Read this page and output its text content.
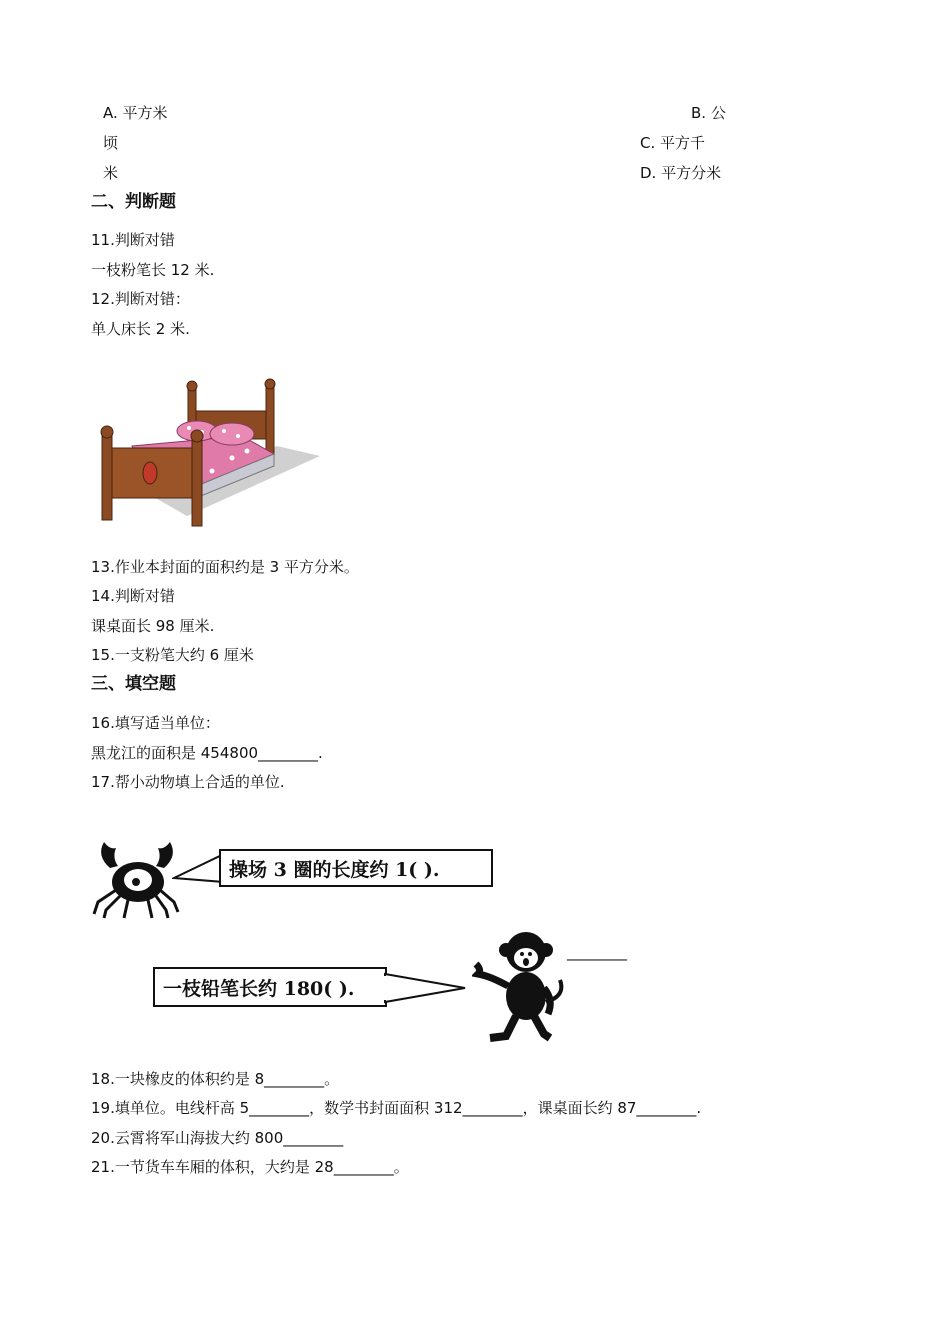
A. 平方米	B. 公
顷	C. 平方千
米	D. 平方分米
二、判断题
11.判断对错
一枝粉笔长 12 米.
12.判断对错：
单人床长 2 米.
13.作业本封面的面积约是 3 平方分米。
14.判断对错
课桌面长 98 厘米.
15.一支粉笔大约 6 厘米
三、填空题
16.填写适当单位：
黑龙江的面积是 454800________.
17.帮小动物填上合适的单位.
操场 3 圈的长度约 1( ).
一枝铅笔长约 180( ).
________
18.一块橡皮的体积约是 8________。
19.填单位。电线杆高 5________，数学书封面面积 312________，课桌面长约 87________.
20.云霄将军山海拔大约 800________
21.一节货车车厢的体积，大约是 28________。
